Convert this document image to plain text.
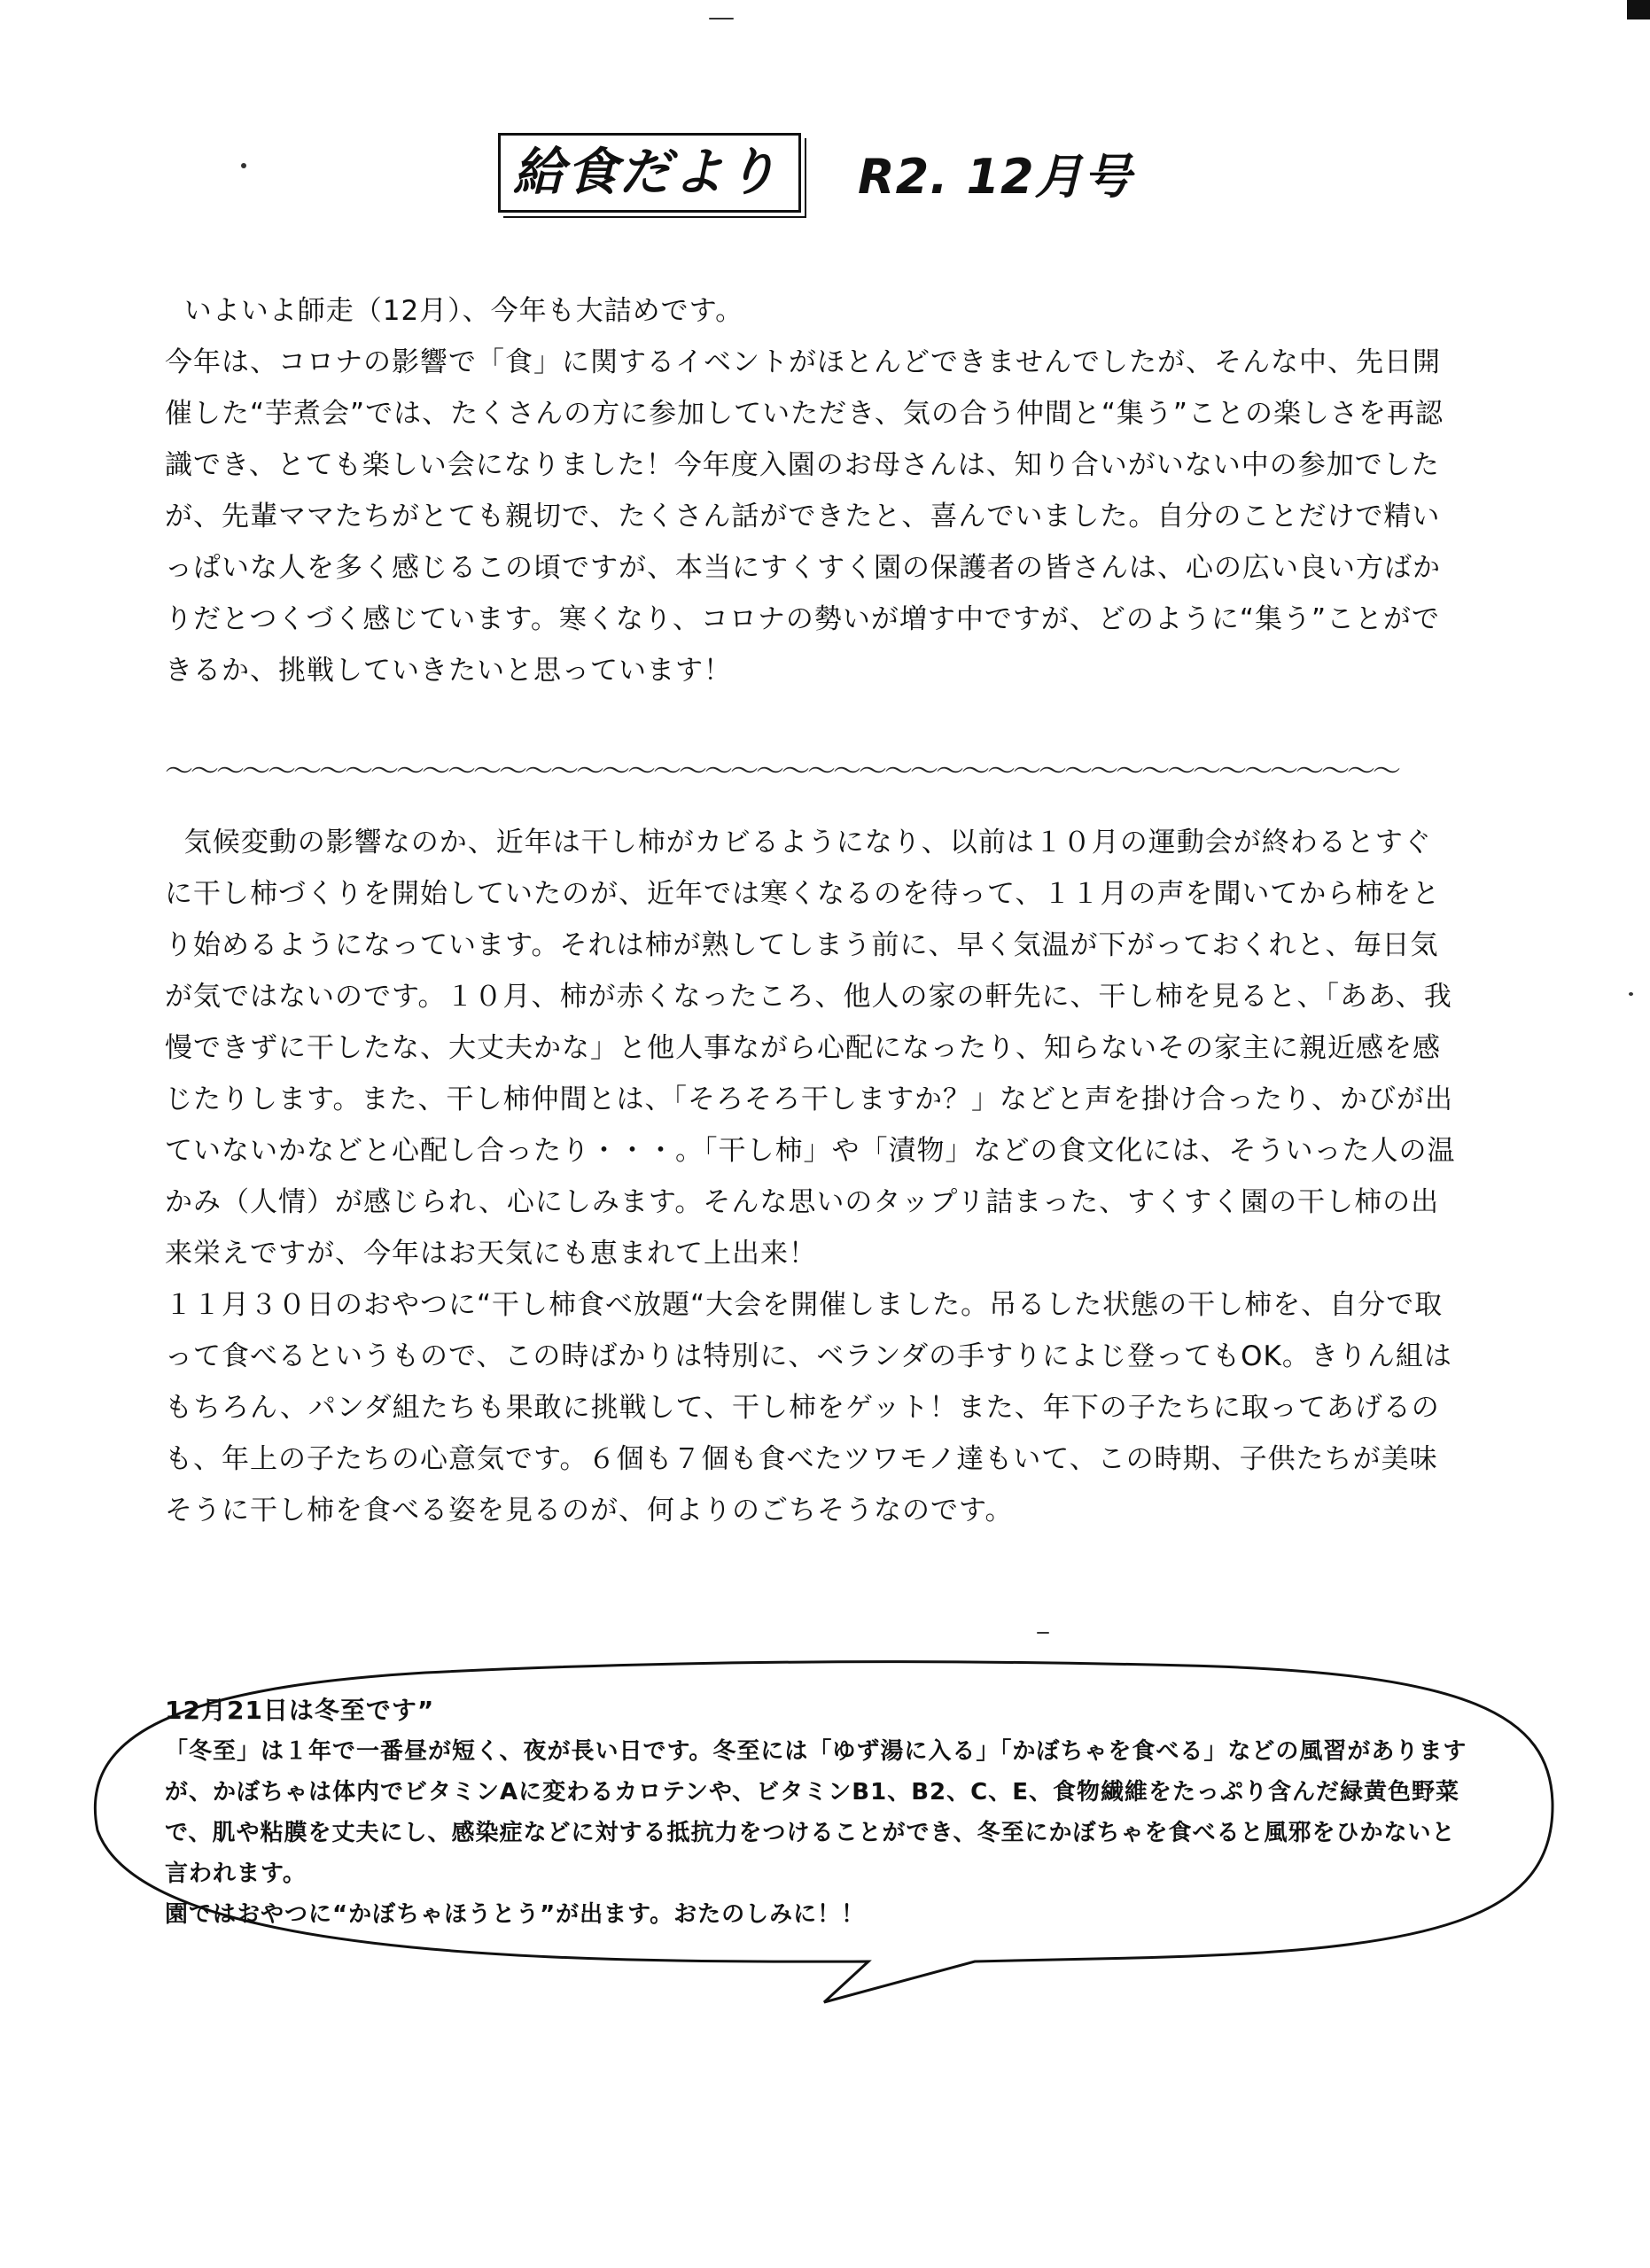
給食だより	R2. 12月号

いよいよ師走（12月）、今年も大詰めです。

今年は、コロナの影響で「食」に関するイベントがほとんどできませんでしたが、そんな中、先日開催した“芋煮会”では、たくさんの方に参加していただき、気の合う仲間と“集う”ことの楽しさを再認識でき、とても楽しい会になりました！今年度入園のお母さんは、知り合いがいない中の参加でしたが、先輩ママたちがとても親切で、たくさん話ができたと、喜んでいました。自分のことだけで精いっぱいな人を多く感じるこの頃ですが、本当にすくすく園の保護者の皆さんは、心の広い良い方ばかりだとつくづく感じています。寒くなり、コロナの勢いが増す中ですが、どのように“集う”ことができるか、挑戦していきたいと思っています！

～～～～～～～～～～～～～～～～～～～～～～～～～～～～～～～～～～～～～～～～～～～～～～～～

気候変動の影響なのか、近年は干し柿がカビるようになり、以前は１０月の運動会が終わるとすぐに干し柿づくりを開始していたのが、近年では寒くなるのを待って、１１月の声を聞いてから柿をとり始めるようになっています。それは柿が熟してしまう前に、早く気温が下がっておくれと、毎日気が気ではないのです。１０月、柿が赤くなったころ、他人の家の軒先に、干し柿を見ると、「ああ、我慢できずに干したな、大丈夫かな」と他人事ながら心配になったり、知らないその家主に親近感を感じたりします。また、干し柿仲間とは、「そろそろ干しますか？」などと声を掛け合ったり、かびが出ていないかなどと心配し合ったり・・・。「干し柿」や「漬物」などの食文化には、そういった人の温かみ（人情）が感じられ、心にしみます。そんな思いのタップリ詰まった、すくすく園の干し柿の出来栄えですが、今年はお天気にも恵まれて上出来！

１１月３０日のおやつに“干し柿食べ放題“大会を開催しました。吊るした状態の干し柿を、自分で取って食べるというもので、この時ばかりは特別に、ベランダの手すりによじ登ってもOK。きりん組はもちろん、パンダ組たちも果敢に挑戦して、干し柿をゲット！また、年下の子たちに取ってあげるのも、年上の子たちの心意気です。６個も７個も食べたツワモノ達もいて、この時期、子供たちが美味そうに干し柿を食べる姿を見るのが、何よりのごちそうなのです。

12月21日は冬至です”

「冬至」は１年で一番昼が短く、夜が長い日です。冬至には「ゆず湯に入る」「かぼちゃを食べる」などの風習がありますが、かぼちゃは体内でビタミンAに変わるカロテンや、ビタミンB1、B2、C、E、食物繊維をたっぷり含んだ緑黄色野菜で、肌や粘膜を丈夫にし、感染症などに対する抵抗力をつけることができ、冬至にかぼちゃを食べると風邪をひかないと言われます。

園ではおやつに“かぼちゃほうとう”が出ます。おたのしみに！！
